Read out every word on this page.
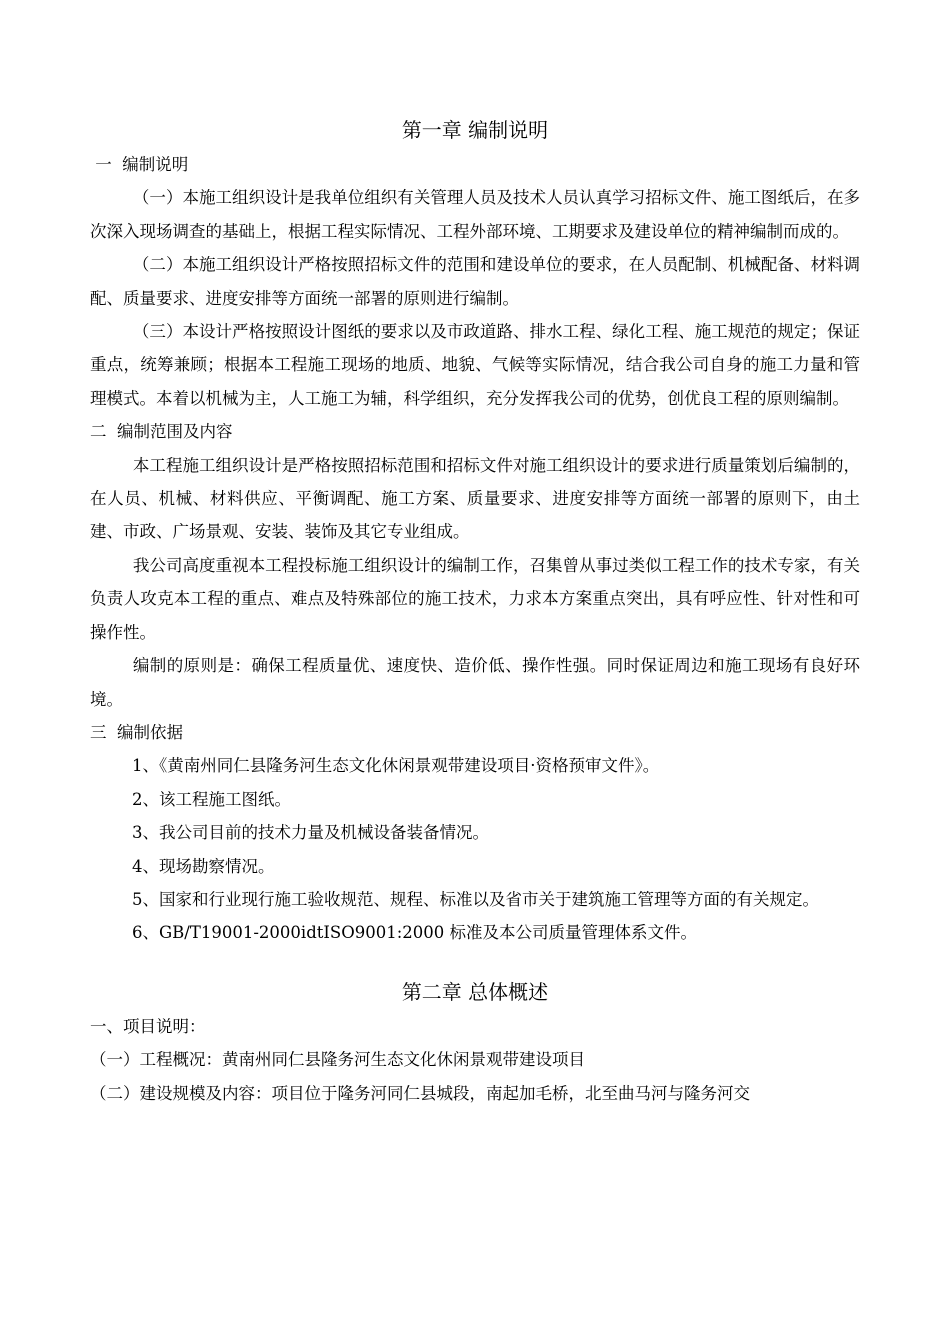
第一章 编制说明
一  编制说明

（一）本施工组织设计是我单位组织有关管理人员及技术人员认真学习招标文件、施工图纸后，在多次深入现场调查的基础上，根据工程实际情况、工程外部环境、工期要求及建设单位的精神编制而成的。

（二）本施工组织设计严格按照招标文件的范围和建设单位的要求，在人员配制、机械配备、材料调配、质量要求、进度安排等方面统一部署的原则进行编制。

（三）本设计严格按照设计图纸的要求以及市政道路、排水工程、绿化工程、施工规范的规定；保证重点，统筹兼顾；根据本工程施工现场的地质、地貌、气候等实际情况，结合我公司自身的施工力量和管理模式。本着以机械为主，人工施工为辅，科学组织，充分发挥我公司的优势，创优良工程的原则编制。

二  编制范围及内容

本工程施工组织设计是严格按照招标范围和招标文件对施工组织设计的要求进行质量策划后编制的，在人员、机械、材料供应、平衡调配、施工方案、质量要求、进度安排等方面统一部署的原则下，由土建、市政、广场景观、安装、装饰及其它专业组成。

我公司高度重视本工程投标施工组织设计的编制工作，召集曾从事过类似工程工作的技术专家，有关负责人攻克本工程的重点、难点及特殊部位的施工技术，力求本方案重点突出，具有呼应性、针对性和可操作性。

编制的原则是：确保工程质量优、速度快、造价低、操作性强。同时保证周边和施工现场有良好环境。

三  编制依据

1、《黄南州同仁县隆务河生态文化休闲景观带建设项目·资格预审文件》。

2、该工程施工图纸。

3、我公司目前的技术力量及机械设备装备情况。

4、现场勘察情况。

5、国家和行业现行施工验收规范、规程、标准以及省市关于建筑施工管理等方面的有关规定。

6、GB/T19001-2000idtISO9001:2000 标准及本公司质量管理体系文件。

第二章 总体概述
一、项目说明：
（一）工程概况：黄南州同仁县隆务河生态文化休闲景观带建设项目
（二）建设规模及内容：项目位于隆务河同仁县城段，南起加毛桥，北至曲马河与隆务河交
